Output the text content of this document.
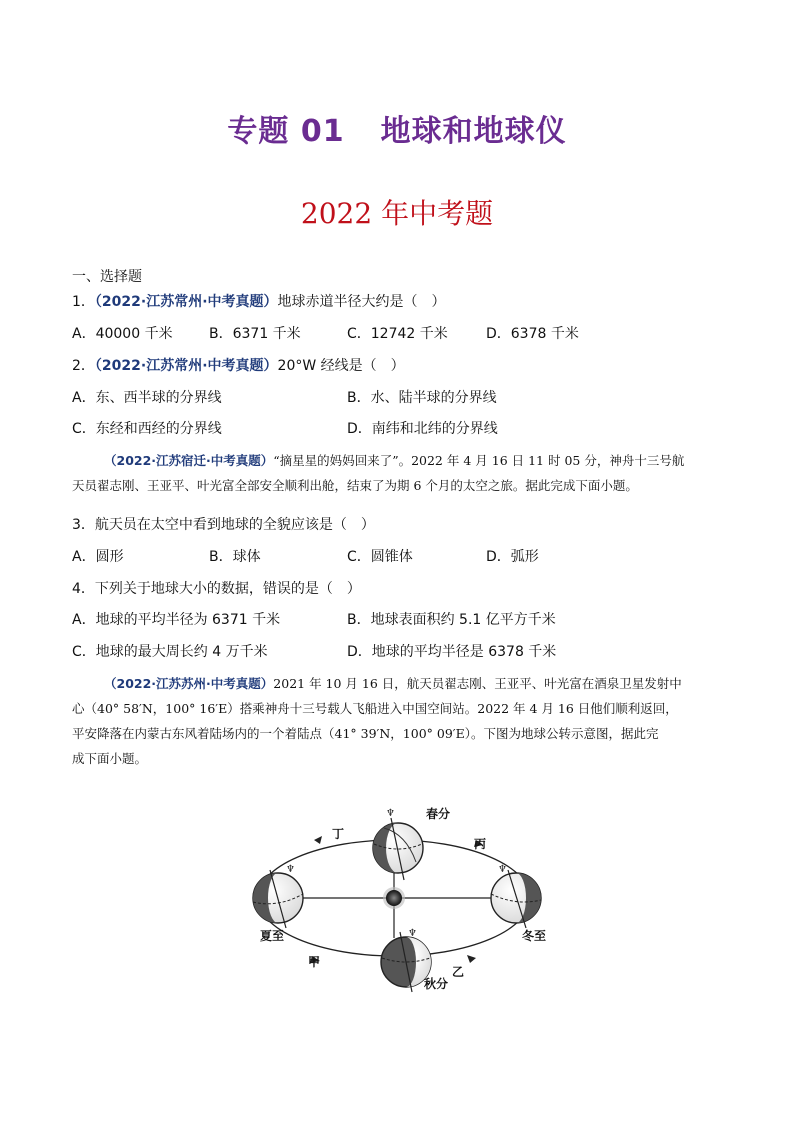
专题 01 地球和地球仪
2022 年中考题
一、选择题
1．（2022·江苏常州·中考真题）地球赤道半径大约是（　）
A．40000 千米	B．6371 千米	C．12742 千米	D．6378 千米
2．（2022·江苏常州·中考真题）20°W 经线是（　）
A．东、西半球的分界线	B．水、陆半球的分界线
C．东经和西经的分界线	D．南纬和北纬的分界线
（2022·江苏宿迁·中考真题）“摘星星的妈妈回来了”。2022 年 4 月 16 日 11 时 05 分，神舟十三号航
天员翟志刚、王亚平、叶光富全部安全顺利出舱，结束了为期 6 个月的太空之旅。据此完成下面小题。
3．航天员在太空中看到地球的全貌应该是（　）
A．圆形	B．球体	C．圆锥体	D．弧形
4．下列关于地球大小的数据，错误的是（　）
A．地球的平均半径为 6371 千米	B．地球表面积约 5.1 亿平方千米
C．地球的最大周长约 4 万千米	D．地球的平均半径是 6378 千米
（2022·江苏苏州·中考真题）2021 年 10 月 16 日，航天员翟志刚、王亚平、叶光富在酒泉卫星发射中
心（40° 58′N，100° 16′E）搭乘神舟十三号载人飞船进入中国空间站。2022 年 4 月 16 日他们顺利返回，
平安降落在内蒙古东风着陆场内的一个着陆点（41° 39′N，100° 09′E）。下图为地球公转示意图，据此完
成下面小题。
♆
♆
♆
♆
春分
夏至
秋分
冬至
甲
乙
丙
丁
